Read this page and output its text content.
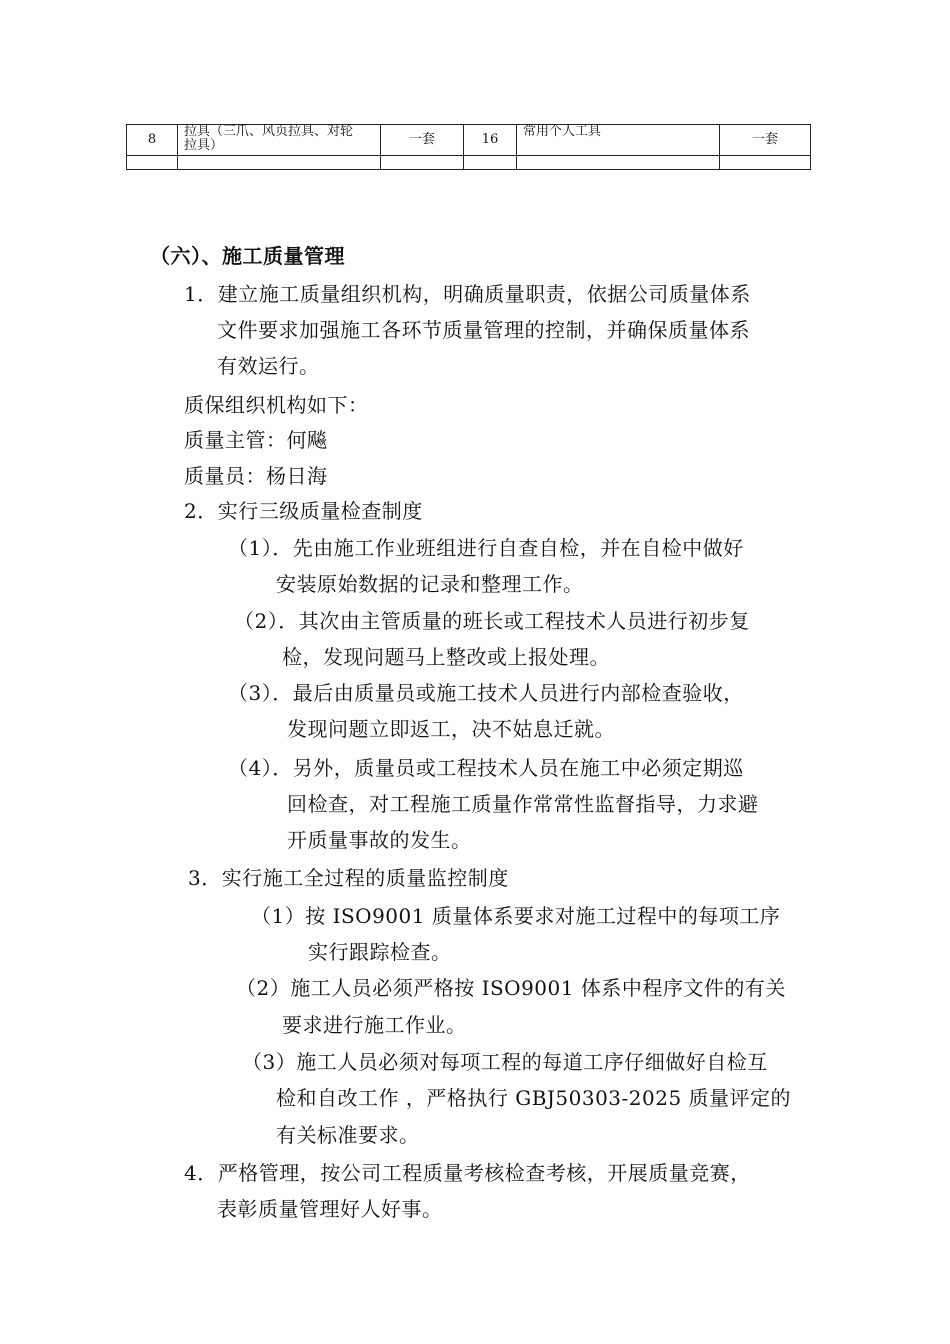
8	拉具（三爪、风页拉具、对轮
拉具）	一套	16	常用个人工具	一套

（六）、施工质量管理
1．建立施工质量组织机构，明确质量职责，依据公司质量体系
文件要求加强施工各环节质量管理的控制，并确保质量体系
有效运行。
质保组织机构如下：
质量主管：何飚
质量员：杨日海
2．实行三级质量检查制度
（1）．先由施工作业班组进行自查自检，并在自检中做好
安装原始数据的记录和整理工作。
（2）．其次由主管质量的班长或工程技术人员进行初步复
检，发现问题马上整改或上报处理。
（3）．最后由质量员或施工技术人员进行内部检查验收，
发现问题立即返工，决不姑息迁就。
（4）．另外，质量员或工程技术人员在施工中必须定期巡
回检查，对工程施工质量作常常性监督指导，力求避
开质量事故的发生。
3．实行施工全过程的质量监控制度
（1）按 ISO9001 质量体系要求对施工过程中的每项工序
实行跟踪检查。
（2）施工人员必须严格按 ISO9001 体系中程序文件的有关
要求进行施工作业。
（3）施工人员必须对每项工程的每道工序仔细做好自检互
检和自改工作 ，严格执行 GBJ50303-2025 质量评定的
有关标准要求。
4．严格管理，按公司工程质量考核检查考核，开展质量竞赛，
表彰质量管理好人好事。
